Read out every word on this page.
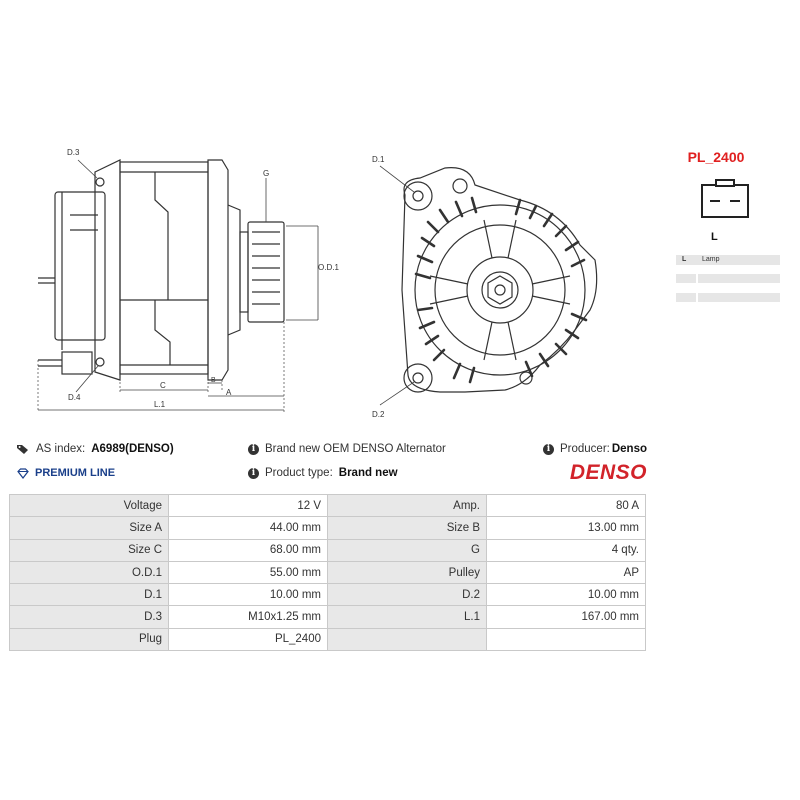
D.3
D.4
G
O.D.1
B
C
A
L.1
D.1
D.2
PL_2400
L
L Lamp
AS index: A6989(DENSO)	i Brand new OEM DENSO Alternator	i Producer: Denso
PREMIUM LINE	i Product type: Brand new	DENSO
Voltage	12 V	Amp.	80 A
Size A	44.00 mm	Size B	13.00 mm
Size C	68.00 mm	G	4 qty.
O.D.1	55.00 mm	Pulley	AP
D.1	10.00 mm	D.2	10.00 mm
D.3	M10x1.25 mm	L.1	167.00 mm
Plug	PL_2400		
